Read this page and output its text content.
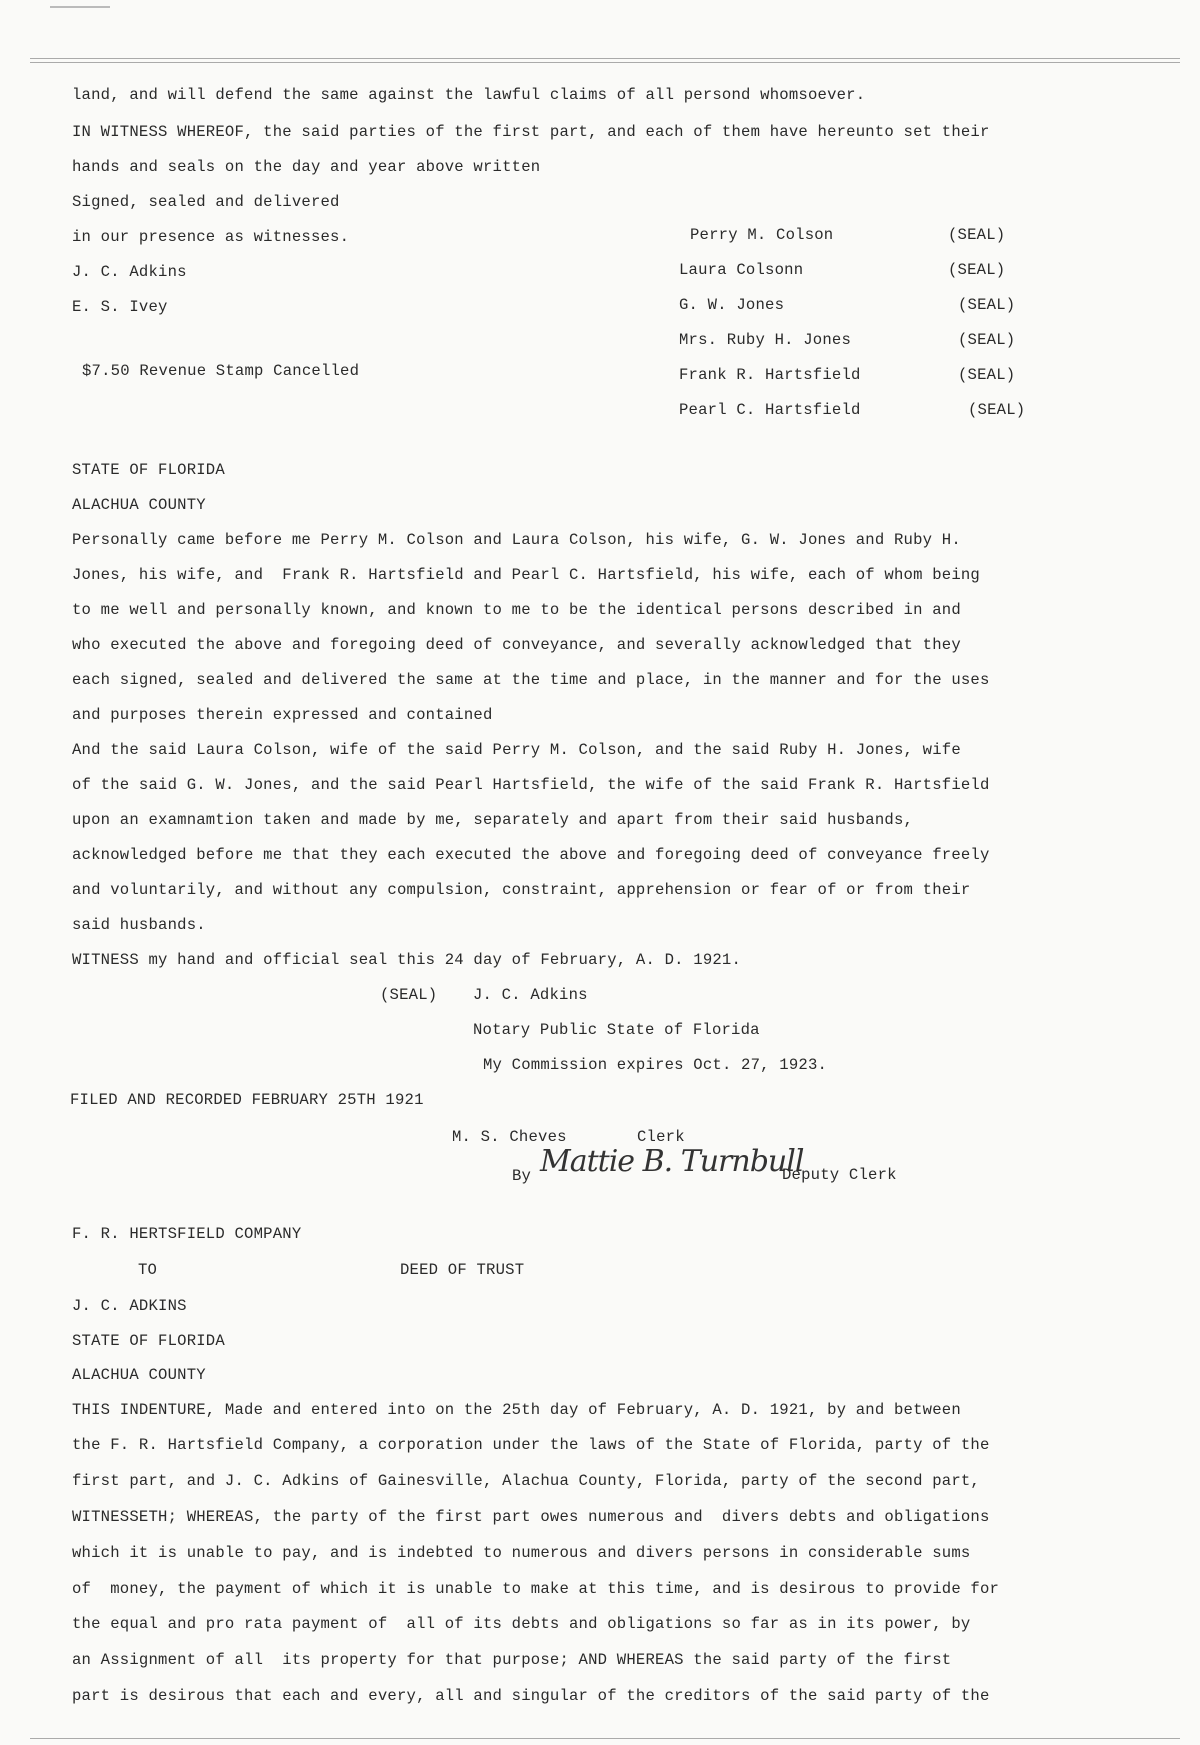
land, and will defend the same against the lawful claims of all persond whomsoever.
IN WITNESS WHEREOF, the said parties of the first part, and each of them have hereunto set their
hands and seals on the day and year above written
Signed, sealed and delivered
in our presence as witnesses.
J. C. Adkins
E. S. Ivey
$7.50 Revenue Stamp Cancelled
Perry M. Colson	(SEAL)
Laura Colsonn	(SEAL)
G. W. Jones	(SEAL)
Mrs. Ruby H. Jones	(SEAL)
Frank R. Hartsfield	(SEAL)
Pearl C. Hartsfield	(SEAL)
STATE OF FLORIDA
ALACHUA COUNTY
Personally came before me Perry M. Colson and Laura Colson, his wife, G. W. Jones and Ruby H.
Jones, his wife, and  Frank R. Hartsfield and Pearl C. Hartsfield, his wife, each of whom being
to me well and personally known, and known to me to be the identical persons described in and
who executed the above and foregoing deed of conveyance, and severally acknowledged that they
each signed, sealed and delivered the same at the time and place, in the manner and for the uses
and purposes therein expressed and contained
And the said Laura Colson, wife of the said Perry M. Colson, and the said Ruby H. Jones, wife
of the said G. W. Jones, and the said Pearl Hartsfield, the wife of the said Frank R. Hartsfield
upon an examnamtion taken and made by me, separately and apart from their said husbands,
acknowledged before me that they each executed the above and foregoing deed of conveyance freely
and voluntarily, and without any compulsion, constraint, apprehension or fear of or from their
said husbands.
WITNESS my hand and official seal this 24 day of February, A. D. 1921.
(SEAL) J. C. Adkins
Notary Public State of Florida
My Commission expires Oct. 27, 1923.
FILED AND RECORDED FEBRUARY 25TH 1921
M. S. Cheves	Clerk
By Mattie B. Turnbull
Deputy Clerk
F. R. HERTSFIELD COMPANY
TO	DEED OF TRUST
J. C. ADKINS
STATE OF FLORIDA
ALACHUA COUNTY
THIS INDENTURE, Made and entered into on the 25th day of February, A. D. 1921, by and between
the F. R. Hartsfield Company, a corporation under the laws of the State of Florida, party of the
first part, and J. C. Adkins of Gainesville, Alachua County, Florida, party of the second part,
WITNESSETH; WHEREAS, the party of the first part owes numerous and  divers debts and obligations
which it is unable to pay, and is indebted to numerous and divers persons in considerable sums
of  money, the payment of which it is unable to make at this time, and is desirous to provide for
the equal and pro rata payment of  all of its debts and obligations so far as in its power, by
an Assignment of all  its property for that purpose; AND WHEREAS the said party of the first
part is desirous that each and every, all and singular of the creditors of the said party of the
